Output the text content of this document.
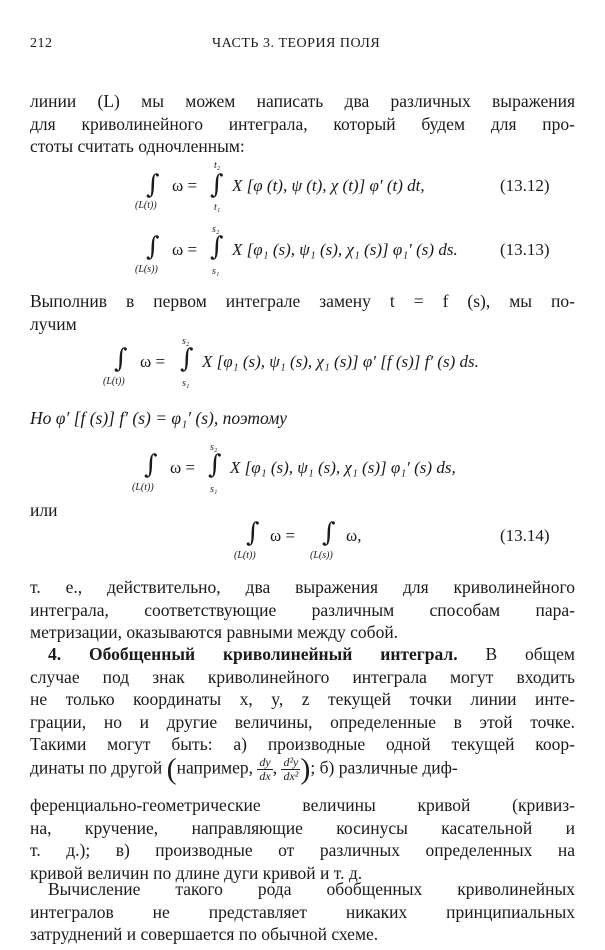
212	ЧАСТЬ 3. ТЕОРИЯ ПОЛЯ
линии (L) мы можем написать два различных выражения
для криволинейного интеграла, который будем для про-
стоты считать одночленным:
∫
(L(t))
ω =
t₂
∫
t₁
X [φ (t), ψ (t), χ (t)] φ′ (t) dt,	(13.12)
∫
(L(s))
ω =
s₂
∫
s₁
X [φ₁ (s), ψ₁ (s), χ₁ (s)] φ₁′ (s) ds. (13.13)
Выполнив в первом интеграле замену t = f (s), мы по-
лучим
∫
(L(t))
ω =
s₂
∫
s₁
X [φ₁ (s), ψ₁ (s), χ₁ (s)] φ′ [f (s)] f′ (s) ds.
Но φ′ [f (s)] f′ (s) = φ₁′ (s), поэтому
∫
(L(t))
ω =
s₂
∫
s₁
X [φ₁ (s), ψ₁ (s), χ₁ (s)] φ₁′ (s) ds,
или
∫
(L(t))
ω = ∫
(L(s))
ω,	(13.14)
т. е., действительно, два выражения для криволинейного
интеграла, соответствующие различным способам пара-
метризации, оказываются равными между собой.
4. Обобщенный криволинейный интеграл. В общем
случае под знак криволинейного интеграла могут входить
не только координаты x, y, z текущей точки линии инте-
грации, но и другие величины, определенные в этой точке.
Такими могут быть: а) производные одной текущей коор-
динаты по другой (например, $\frac{dy}{dx}$ , $\frac{\text{d²y}}{\text{dx²}}$ ); б) различные диф-
ференциально-геометрические величины кривой (кривиз-
на, кручение, направляющие косинусы касательной и
т. д.); в) производные от различных определенных на
кривой величин по длине дуги кривой и т. д.
Вычисление такого рода обобщенных криволинейных
интегралов не представляет никаких принципиальных
затруднений и совершается по обычной схеме.
